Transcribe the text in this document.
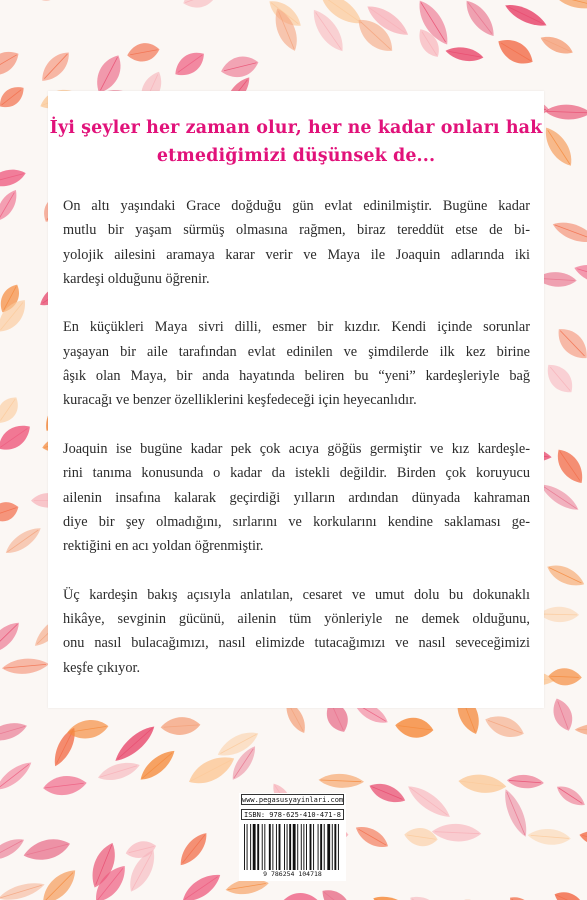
İyi şeyler her zaman olur, her ne kadar onları hak
etmediğimizi düşünsek de...

On altı yaşındaki Grace doğduğu gün evlat edinilmiştir. Bugüne kadar
mutlu bir yaşam sürmüş olmasına rağmen, biraz tereddüt etse de bi-
yolojik ailesini aramaya karar verir ve Maya ile Joaquin adlarında iki
kardeşi olduğunu öğrenir.

En küçükleri Maya sivri dilli, esmer bir kızdır. Kendi içinde sorunlar
yaşayan bir aile tarafından evlat edinilen ve şimdilerde ilk kez birine
âşık olan Maya, bir anda hayatında beliren bu “yeni” kardeşleriyle bağ
kuracağı ve benzer özelliklerini keşfedeceği için heyecanlıdır.

Joaquin ise bugüne kadar pek çok acıya göğüs germiştir ve kız kardeşle-
rini tanıma konusunda o kadar da istekli değildir. Birden çok koruyucu
ailenin insafına kalarak geçirdiği yılların ardından dünyada kahraman
diye bir şey olmadığını, sırlarını ve korkularını kendine saklaması ge-
rektiğini en acı yoldan öğrenmiştir.

Üç kardeşin bakış açısıyla anlatılan, cesaret ve umut dolu bu dokunaklı
hikâye, sevginin gücünü, ailenin tüm yönleriyle ne demek olduğunu,
onu nasıl bulacağımızı, nasıl elimizde tutacağımızı ve nasıl seveceğimizi
keşfe çıkıyor.

www.pegasusyayinlari.com
ISBN: 978-625-410-471-8
9 786254 104718
